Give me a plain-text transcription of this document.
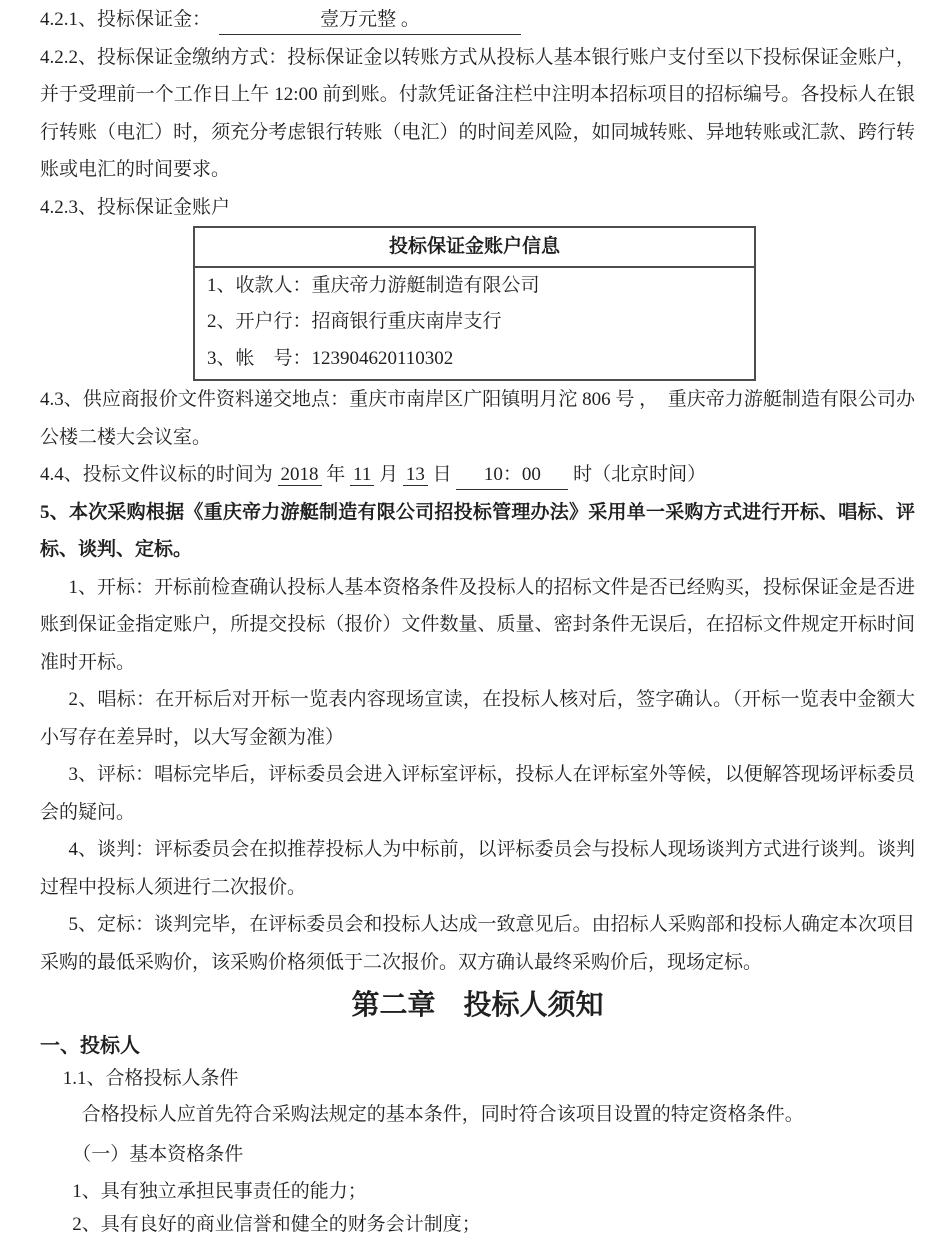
4.2.1、投标保证金：	壹万元整 。

4.2.2、投标保证金缴纳方式：投标保证金以转账方式从投标人基本银行账户支付至以下投标保证金账户，并于受理前一个工作日上午 12:00 前到账。付款凭证备注栏中注明本招标项目的招标编号。各投标人在银行转账（电汇）时，须充分考虑银行转账（电汇）的时间差风险，如同城转账、异地转账或汇款、跨行转账或电汇的时间要求。

4.2.3、投标保证金账户

投标保证金账户信息

1、收款人：重庆帝力游艇制造有限公司

2、开户行：招商银行重庆南岸支行

3、帐　号：123904620110302

4.3、供应商报价文件资料递交地点：重庆市南岸区广阳镇明月沱 806 号 ，　重庆帝力游艇制造有限公司办公楼二楼大会议室。

4.4、投标文件议标的时间为 2018 年 11 月 13 日 10：00 时（北京时间）

5、本次采购根据《重庆帝力游艇制造有限公司招投标管理办法》采用单一采购方式进行开标、唱标、评标、谈判、定标。

1、开标：开标前检查确认投标人基本资格条件及投标人的招标文件是否已经购买，投标保证金是否进账到保证金指定账户，所提交投标（报价）文件数量、质量、密封条件无误后，在招标文件规定开标时间准时开标。

2、唱标：在开标后对开标一览表内容现场宣读，在投标人核对后，签字确认。（开标一览表中金额大小写存在差异时，以大写金额为准）

3、评标：唱标完毕后，评标委员会进入评标室评标，投标人在评标室外等候，以便解答现场评标委员会的疑问。

4、谈判：评标委员会在拟推荐投标人为中标前，以评标委员会与投标人现场谈判方式进行谈判。谈判过程中投标人须进行二次报价。

5、定标：谈判完毕，在评标委员会和投标人达成一致意见后。由招标人采购部和投标人确定本次项目采购的最低采购价，该采购价格须低于二次报价。双方确认最终采购价后，现场定标。

第二章　投标人须知

一、投标人

1.1、合格投标人条件

合格投标人应首先符合采购法规定的基本条件，同时符合该项目设置的特定资格条件。

（一）基本资格条件

1、具有独立承担民事责任的能力；

2、具有良好的商业信誉和健全的财务会计制度；
